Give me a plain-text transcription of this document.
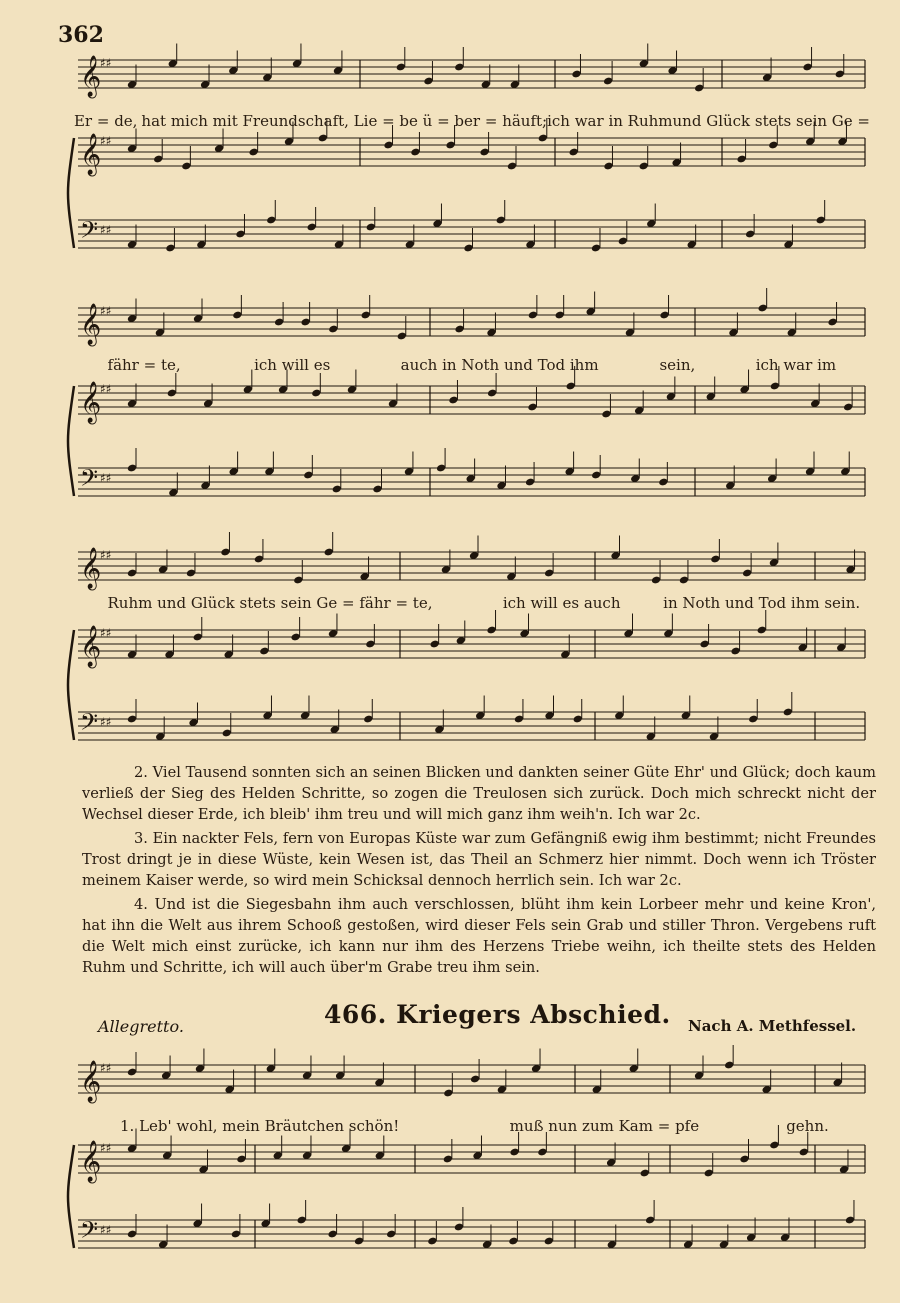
362
𝄞
♯♯
𝄞
♯♯
𝄢 ♯♯
Er = de, hat mich mit Freundschaft, Lie = be ü = ber = häuft; ich war in Ruhm und Glück stets sein Ge =
𝄞
♯♯
𝄞
♯♯
𝄢 ♯♯
fähr = te,	ich will es	auch in Noth und Tod ihm	sein,	ich war im
𝄞
♯♯
𝄞
♯♯
𝄢 ♯♯
Ruhm und Glück stets sein Ge = fähr = te,	ich will es auch	in Noth und Tod ihm sein.

2. Viel Tausend sonnten sich an seinen Blicken und dankten seiner Güte Ehr' und Glück; doch kaum verließ der Sieg des Helden Schritte, so zogen die Treulosen sich zurück. Doch mich schreckt nicht der Wechsel dieser Erde, ich bleib' ihm treu und will mich ganz ihm weih'n. Ich war 2c.

3. Ein nackter Fels, fern von Europas Küste war zum Gefängniß ewig ihm bestimmt; nicht Freundes Trost dringt je in diese Wüste, kein Wesen ist, das Theil an Schmerz hier nimmt. Doch wenn ich Tröster meinem Kaiser werde, so wird mein Schicksal dennoch herrlich sein. Ich war 2c.

4. Und ist die Siegesbahn ihm auch verschlossen, blüht ihm kein Lorbeer mehr und keine Kron', hat ihn die Welt aus ihrem Schooß gestoßen, wird dieser Fels sein Grab und stiller Thron. Vergebens ruft die Welt mich einst zurücke, ich kann nur ihm des Herzens Triebe weihn, ich theilte stets des Helden Ruhm und Schritte, ich will auch über'm Grabe treu ihm sein.

466. Kriegers Abschied.
Allegretto.	Nach A. Methfessel.
𝄞
♯♯
𝄞
♯♯
𝄢 ♯♯
1. Leb' wohl, mein Bräutchen schön!	muß nun zum Kam = pfe	gehn.
